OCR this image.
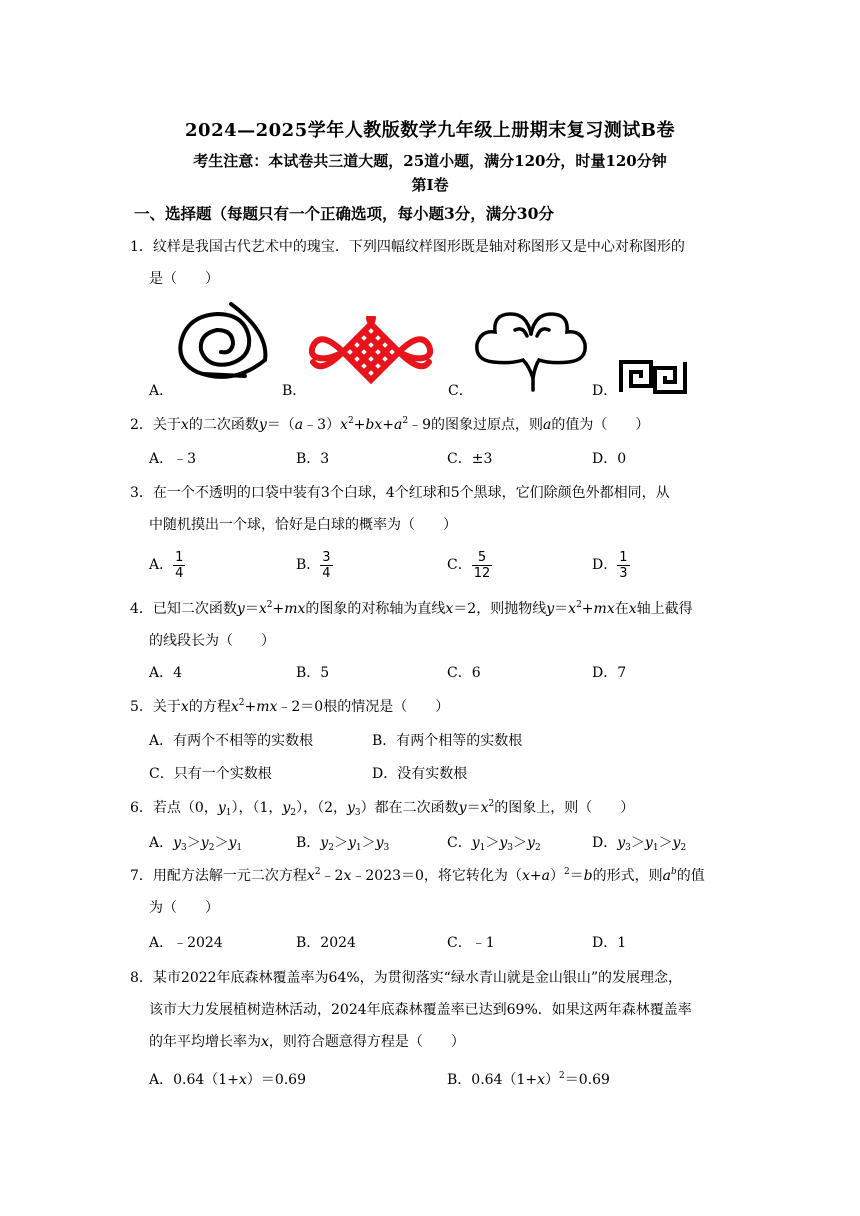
2024—2025学年人教版数学九年级上册期末复习测试B卷
考生注意：本试卷共三道大题，25道小题，满分120分，时量120分钟
第Ⅰ卷
一、选择题（每题只有一个正确选项，每小题3分，满分30分
1．纹样是我国古代艺术中的瑰宝．下列四幅纹样图形既是轴对称图形又是中心对称图形的
是（　　）
A．	B．	C．	D．
2．关于x的二次函数$y=(a﹣3)x^2+bx+a^2﹣9$的图象过原点，则a的值为（　　）
A．﹣3	B．3	C．±3	D．0
3．在一个不透明的口袋中装有3个白球，4个红球和5个黑球，它们除颜色外都相同，从
中随机摸出一个球，恰好是白球的概率为（　　）
A． $\frac{1}{4}$	B． $\frac{3}{4}$	C． $\frac{5}{12}$	D． $\frac{1}{3}$
4．已知二次函数$y=x^2+mx$的图象的对称轴为直线x＝2，则抛物线$y=x^2+mx$在x轴上截得
的线段长为（　　）
A．4	B．5	C．6	D．7
5．关于x的方程$x^2+mx﹣2=0$根的情况是（　　）
A．有两个不相等的实数根	B．有两个相等的实数根
C．只有一个实数根	D．没有实数根
6．若点（0，$y_1$），（1，$y_2$），（2，$y_3$）都在二次函数$y=x^2$的图象上，则（　　）
A．$y_3>y_2>y_1$	B．$y_2>y_1>y_3$	C．$y_1>y_3>y_2$	D．$y_3>y_1>y_2$
7．用配方法解一元二次方程$x^2﹣2x﹣2023=0$，将它转化为$(x+a)^2=b$的形式，则$a^b$的值
为（　　）
A．﹣2024	B．2024	C．﹣1	D．1
8．某市2022年底森林覆盖率为64%，为贯彻落实“绿水青山就是金山银山”的发展理念，
该市大力发展植树造林活动，2024年底森林覆盖率已达到69%．如果这两年森林覆盖率
的年平均增长率为x，则符合题意得方程是（　　）
A．0.64（1+x）＝0.69	B．$0.64(1+x)^2=0.69$
